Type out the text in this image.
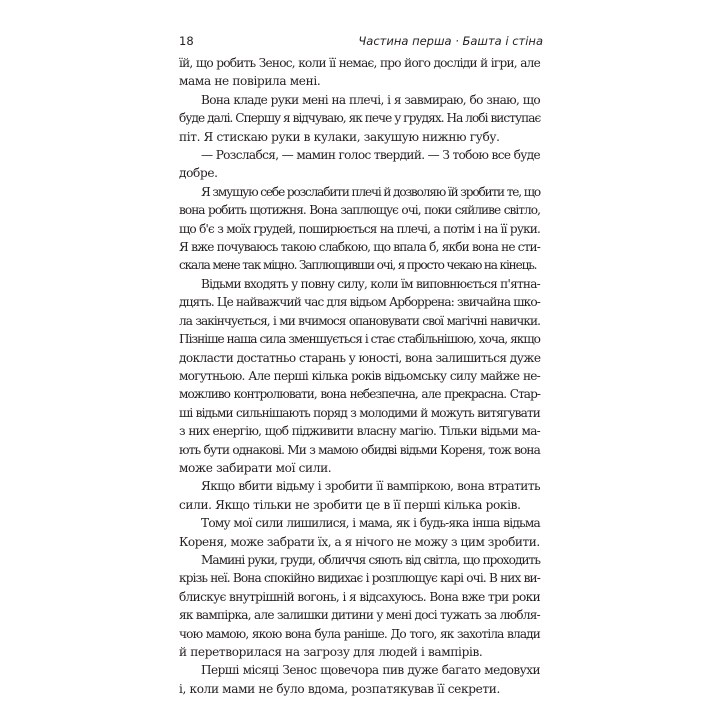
18	Частина перша · Башта і стіна
їй, що робить Зенос, коли її немає, про його досліди й ігри, але
мама не повірила мені.
Вона кладе руки мені на плечі, і я завмираю, бо знаю, що
буде далі. Спершу я відчуваю, як пече у грудях. На лобі виступає
піт. Я стискаю руки в кулаки, закушую нижню губу.
— Розслабся, — мамин голос твердий. — З тобою все буде
добре.
Я змушую себе розслабити плечі й дозволяю їй зробити те, що
вона робить щотижня. Вона заплющує очі, поки сяйливе світло,
що б'є з моїх грудей, поширюється на плечі, а потім і на її руки.
Я вже почуваюсь такою слабкою, що впала б, якби вона не сти-
скала мене так міцно. Заплющивши очі, я просто чекаю на кінець.
Відьми входять у повну силу, коли їм виповнюється п'ятна-
дцять. Це найважчий час для відьом Арборрена: звичайна шко-
ла закінчується, і ми вчимося опановувати свої магічні навички.
Пізніше наша сила зменшується і стає стабільнішою, хоча, якщо
докласти достатньо старань у юності, вона залишиться дуже
могутньою. Але перші кілька років відьомську силу майже не-
можливо контролювати, вона небезпечна, але прекрасна. Стар-
ші відьми сильнішають поряд з молодими й можуть витягувати
з них енергію, щоб підживити власну магію. Тільки відьми ма-
ють бути однакові. Ми з мамою обидві відьми Кореня, тож вона
може забирати мої сили.
Якщо вбити відьму і зробити її вампіркою, вона втратить
сили. Якщо тільки не зробити це в її перші кілька років.
Тому мої сили лишилися, і мама, як і будь-яка інша відьма
Кореня, може забрати їх, а я нічого не можу з цим зробити.
Мамині руки, груди, обличчя сяють від світла, що проходить
крізь неї. Вона спокійно видихає і розплющує карі очі. В них ви-
блискує внутрішній вогонь, і я відсахуюсь. Вона вже три роки
як вампірка, але залишки дитини у мені досі тужать за любля-
чою мамою, якою вона була раніше. До того, як захотіла влади
й перетворилася на загрозу для людей і вампірів.
Перші місяці Зенос щовечора пив дуже багато медовухи
і, коли мами не було вдома, розпатякував її секрети.
